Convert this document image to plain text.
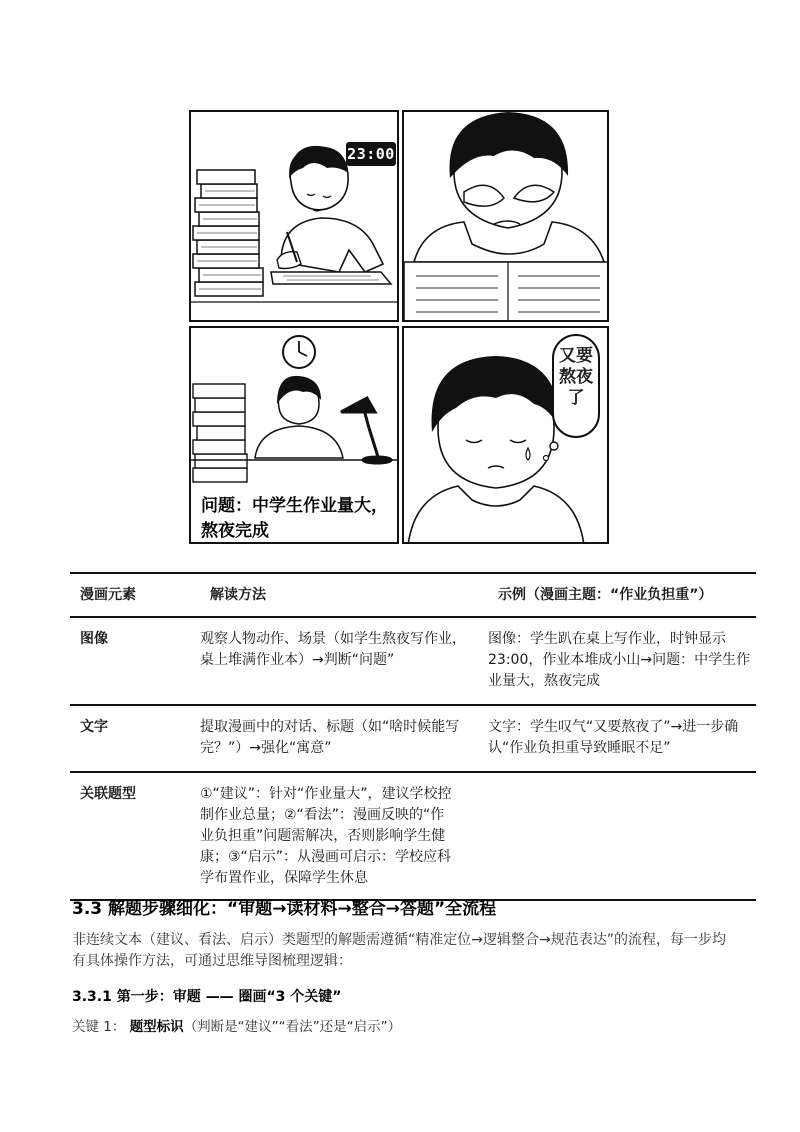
23:00
问题：中学生作业量大，熬夜完成
又要熬夜了
漫画元素	解读方法	示例（漫画主题：“作业负担重”）
图像	观察人物动作、场景（如学生熬夜写作业，桌上堆满作业本）→判断“问题”	图像：学生趴在桌上写作业，时钟显示23:00，作业本堆成小山→问题：中学生作业量大，熬夜完成

文字	提取漫画中的对话、标题（如“啥时候能写完？”）→强化“寓意”	文字：学生叹气“又要熬夜了”→进一步确认“作业负担重导致睡眠不足”

关联题型	①“建议”：针对“作业量大”，建议学校控制作业总量；②“看法”：漫画反映的“作业负担重”问题需解决，否则影响学生健康；③“启示”：从漫画可启示：学校应科学布置作业，保障学生休息	

3.3 解题步骤细化：“审题→读材料→整合→答题”全流程

非连续文本（建议、看法、启示）类题型的解题需遵循“精准定位→逻辑整合→规范表达”的流程，每一步均有具体操作方法，可通过思维导图梳理逻辑：

3.3.1 第一步：审题 —— 圈画“3 个关键”

关键 1： 题型标识（判断是“建议”“看法”还是“启示”）
